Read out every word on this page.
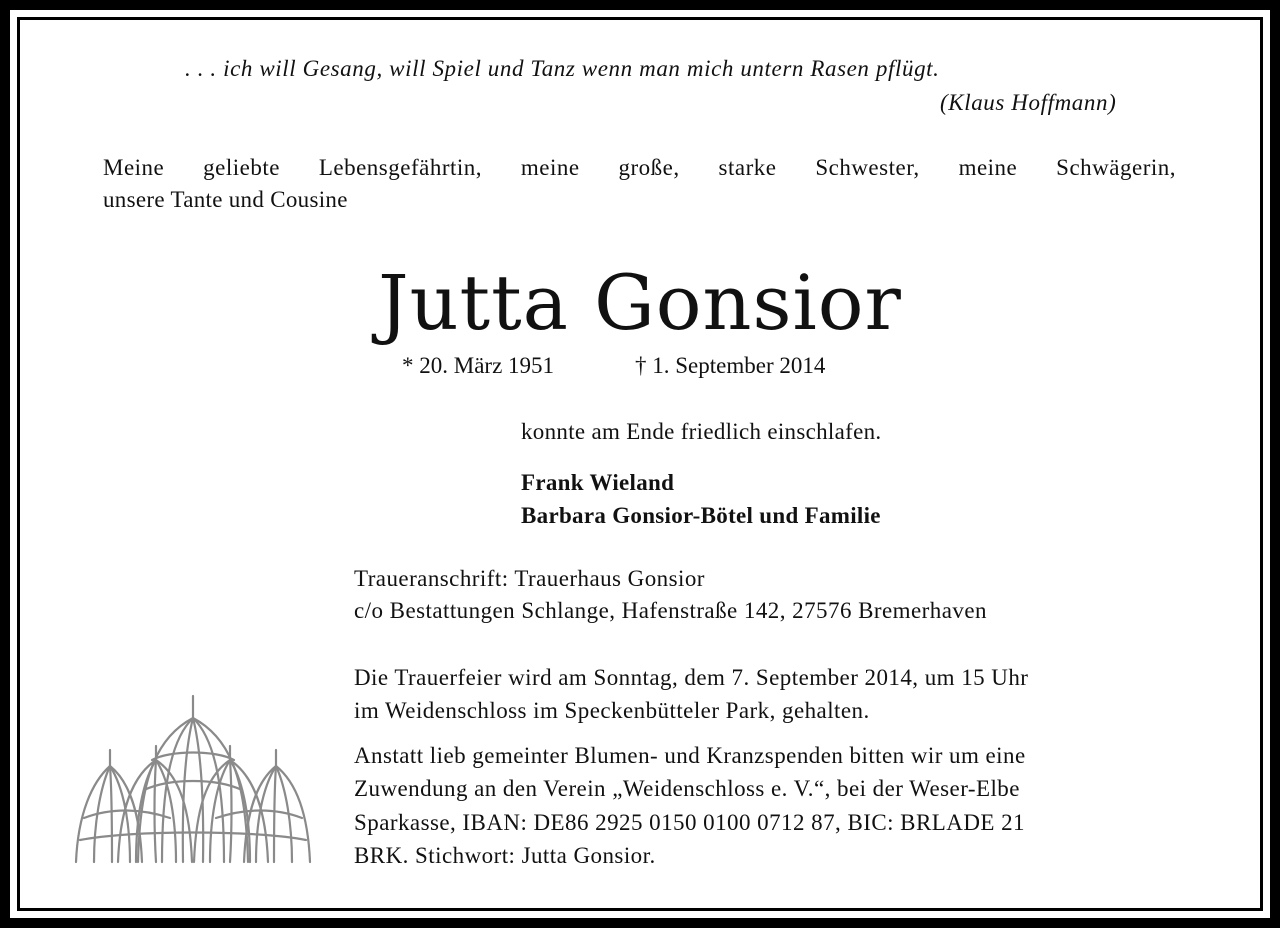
. . . ich will Gesang, will Spiel und Tanz wenn man mich untern Rasen pflügt.

(Klaus Hoffmann)

Meine geliebte Lebensgefährtin, meine große, starke Schwester, meine Schwägerin,

unsere Tante und Cousine

Jutta Gonsior

* 20. März 1951	† 1. September 2014

konnte am Ende friedlich einschlafen.

Frank Wieland

Barbara Gonsior-Bötel und Familie

Traueranschrift: Trauerhaus Gonsior

c/o Bestattungen Schlange, Hafenstraße 142, 27576 Bremerhaven

Die Trauerfeier wird am Sonntag, dem 7. September 2014, um 15 Uhr

im Weidenschloss im Speckenbütteler Park, gehalten.

Anstatt lieb gemeinter Blumen- und Kranzspenden bitten wir um eine

Zuwendung an den Verein „Weidenschloss e. V.“, bei der Weser-Elbe

Sparkasse, IBAN: DE86 2925 0150 0100 0712 87, BIC: BRLADE 21

BRK. Stichwort: Jutta Gonsior.
